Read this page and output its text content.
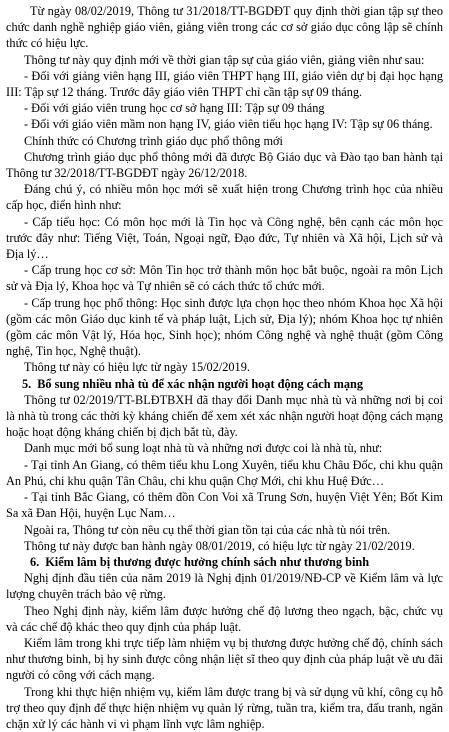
Từ ngày 08/02/2019, Thông tư 31/2018/TT-BGDĐT quy định thời gian tập sự theo chức danh nghề nghiệp giáo viên, giảng viên trong các cơ sở giáo dục công lập sẽ chính thức có hiệu lực.

Thông tư này quy định mới về thời gian tập sự của giáo viên, giảng viên như sau:

- Đối với giảng viên hạng III, giáo viên THPT hạng III, giáo viên dự bị đại học hạng III: Tập sự 12 tháng. Trước đây giáo viên THPT chỉ cần tập sự 09 tháng.

- Đối với giáo viên trung học cơ sở hạng III: Tập sự 09 tháng

- Đối với giáo viên mầm non hạng IV, giáo viên tiểu học hạng IV: Tập sự 06 tháng.

Chính thức có Chương trình giáo dục phổ thông mới

Chương trình giáo dục phổ thông mới đã được Bộ Giáo dục và Đào tạo ban hành tại Thông tư 32/2018/TT-BGDĐT ngày 26/12/2018.

Đáng chú ý, có nhiều môn học mới sẽ xuất hiện trong Chương trình học của nhiều cấp học, điển hình như:

- Cấp tiểu học: Có môn học mới là Tin học và Công nghệ, bên cạnh các môn học trước đây như: Tiếng Việt, Toán, Ngoại ngữ, Đạo đức, Tự nhiên và Xã hội, Lịch sử và Địa lý…

- Cấp trung học cơ sở: Môn Tin học trở thành môn học bắt buộc, ngoài ra môn Lịch sử và Địa lý, Khoa học và Tự nhiên sẽ có cách thức tổ chức mới.

- Cấp trung học phổ thông: Học sinh được lựa chọn học theo nhóm Khoa học Xã hội (gồm các môn Giáo dục kinh tế và pháp luật, Lịch sử, Địa lý); nhóm Khoa học tự nhiên (gồm các môn Vật lý, Hóa học, Sinh học); nhóm Công nghệ và nghệ thuật (gồm Công nghệ, Tin học, Nghệ thuật).

Thông tư này có hiệu lực từ ngày 15/02/2019.

5. Bổ sung nhiều nhà tù để xác nhận người hoạt động cách mạng

Thông tư 02/2019/TT-BLĐTBXH đã thay đổi Danh mục nhà tù và những nơi bị coi là nhà tù trong các thời kỳ kháng chiến để xem xét xác nhận người hoạt động cách mạng hoặc hoạt động kháng chiến bị địch bắt tù, đày.

Danh mục mới bổ sung loạt nhà tù và những nơi được coi là nhà tù, như:

- Tại tỉnh An Giang, có thêm tiểu khu Long Xuyên, tiểu khu Châu Đốc, chi khu quận An Phú, chi khu quận Tân Châu, chi khu quận Chợ Mới, chi khu Huệ Đức…

- Tại tỉnh Bắc Giang, có thêm đồn Con Voi xã Trung Sơn, huyện Việt Yên; Bốt Kim Sa xã Đan Hội, huyện Lục Nam…

Ngoài ra, Thông tư còn nêu cụ thể thời gian tồn tại của các nhà tù nói trên.

Thông tư này được ban hành ngày 08/01/2019, có hiệu lực từ ngày 21/02/2019.

6. Kiểm lâm bị thương được hưởng chính sách như thương binh

Nghị định đầu tiên của năm 2019 là Nghị định 01/2019/NĐ-CP về Kiểm lâm và lực lượng chuyên trách bảo vệ rừng.

Theo Nghị định này, kiểm lâm được hưởng chế độ lương theo ngạch, bậc, chức vụ và các chế độ khác theo quy định của pháp luật.

Kiểm lâm trong khi trực tiếp làm nhiệm vụ bị thương được hưởng chế độ, chính sách như thương binh, bị hy sinh được công nhận liệt sĩ theo quy định của pháp luật về ưu đãi người có công với cách mạng.

Trong khi thực hiện nhiệm vụ, kiểm lâm được trang bị và sử dụng vũ khí, công cụ hỗ trợ theo quy định để thực hiện nhiệm vụ quản lý rừng, tuần tra, kiểm tra, đấu tranh, ngăn chặn xử lý các hành vi vi phạm lĩnh vực lâm nghiệp.
